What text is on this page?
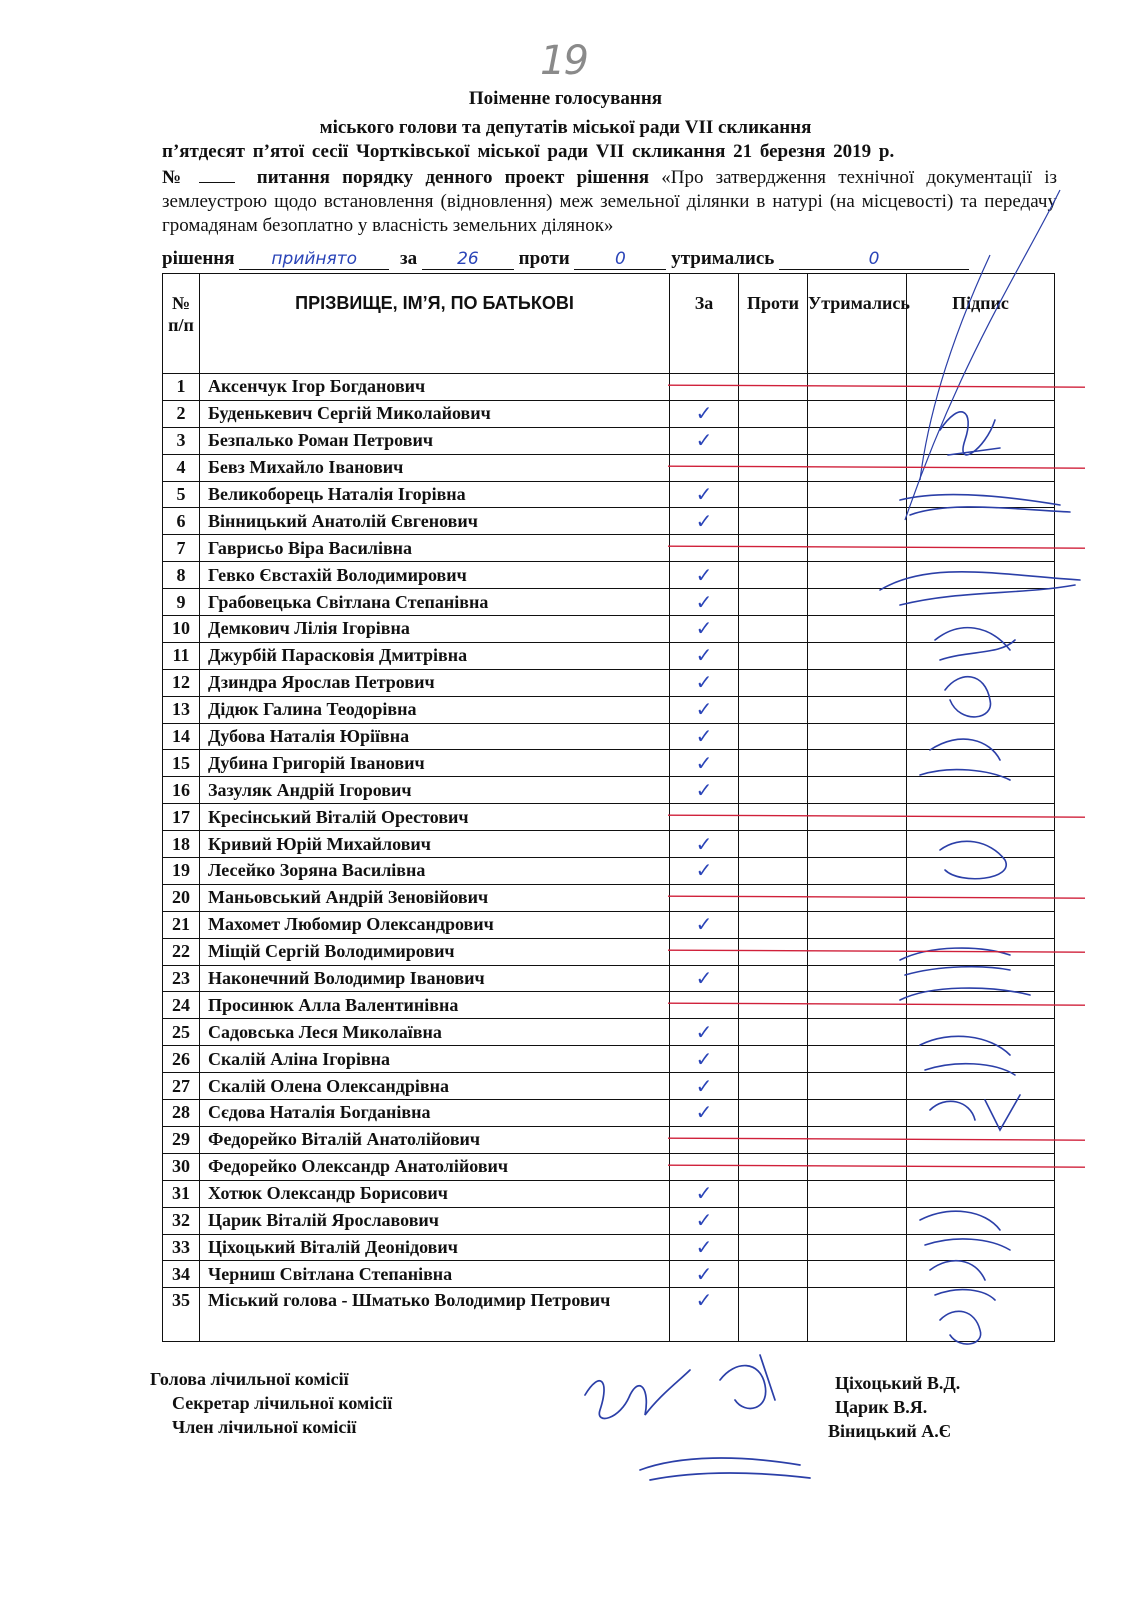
19
Поіменне голосування
міського голови та депутатів міської ради VII скликання
п’ятдесят п’ятої сесії Чортківської міської ради VII скликання 21 березня 2019 р.
№	питання порядку денного проект рішення «Про затвердження технічної документації із землеустрою щодо встановлення (відновлення) меж земельної ділянки в натурі (на місцевості) та передачу громадянам безоплатно у власність земельних ділянок»
рішення прийнято за 26 проти	0 утримались	0
№ п/п	ПРІЗВИЩЕ, ІМ’Я, ПО БАТЬКОВІ	За	Проти	Утримались	Підпис
1	Аксенчук Ігор Богданович				
2	Буденькевич Сергій Миколайович	✓			
3	Безпалько Роман Петрович	✓			
4	Бевз Михайло Іванович				
5	Великоборець Наталія Ігорівна	✓			
6	Вінницький Анатолій Євгенович	✓			
7	Гаврисьо Віра Василівна				
8	Гевко Євстахій Володимирович	✓			
9	Грабовецька Світлана Степанівна	✓			
10	Демкович Лілія Ігорівна	✓			
11	Джурбій Парасковія Дмитрівна	✓			
12	Дзиндра Ярослав Петрович	✓			
13	Дідюк Галина Теодорівна	✓			
14	Дубова Наталія Юріївна	✓			
15	Дубина Григорій Іванович	✓			
16	Зазуляк Андрій Ігорович	✓			
17	Кресінський Віталій Орестович				
18	Кривий Юрій Михайлович	✓			
19	Лесейко Зоряна Василівна	✓			
20	Маньовський Андрій Зеновійович				
21	Махомет Любомир Олександрович	✓			
22	Міщій Сергій Володимирович				
23	Наконечний Володимир Іванович	✓			
24	Просинюк Алла Валентинівна				
25	Садовська Леся Миколаївна	✓			
26	Скалій Аліна Ігорівна	✓			
27	Скалій Олена Олександрівна	✓			
28	Сєдова Наталія Богданівна	✓			
29	Федорейко Віталій Анатолійович				
30	Федорейко Олександр Анатолійович				
31	Хотюк Олександр Борисович	✓			
32	Царик Віталій Ярославович	✓			
33	Ціхоцький Віталій Деонідович	✓			
34	Черниш Світлана Степанівна	✓			
35	Міський голова - Шматько Володимир Петрович	✓			
Голова лічильної комісії
Секретар лічильної комісії
Член лічильної комісії
Ціхоцький В.Д.
Царик В.Я.
Віницький А.Є
